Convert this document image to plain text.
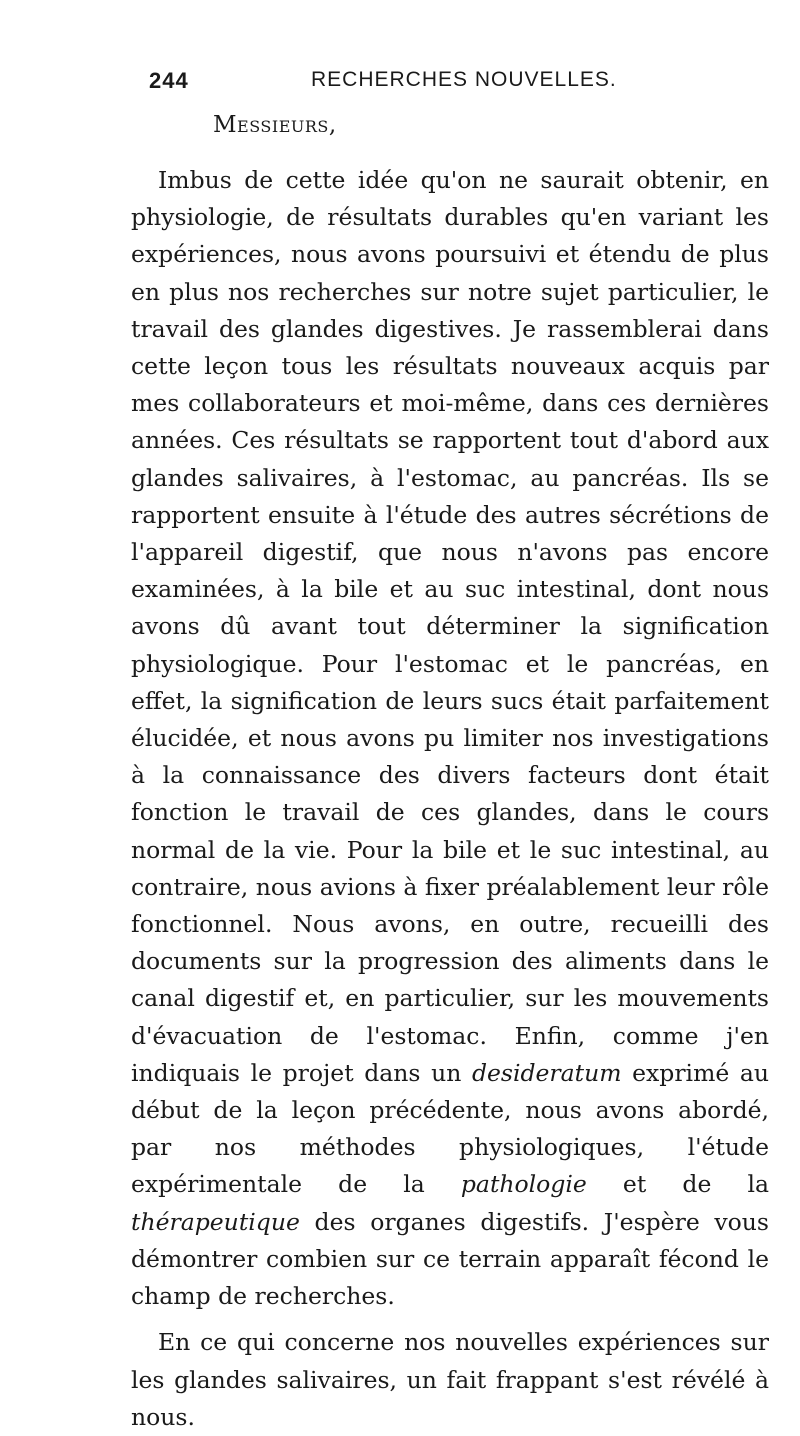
244	RECHERCHES NOUVELLES.
Messieurs,

Imbus de cette idée qu'on ne saurait obtenir, en physiologie, de résultats durables qu'en variant les expériences, nous avons poursuivi et étendu de plus en plus nos recherches sur notre sujet particulier, le travail des glandes digestives. Je rassemblerai dans cette leçon tous les résultats nouveaux acquis par mes collaborateurs et moi-même, dans ces dernières années. Ces résultats se rapportent tout d'abord aux glandes salivaires, à l'estomac, au pancréas. Ils se rapportent ensuite à l'étude des autres sécrétions de l'appareil digestif, que nous n'avons pas encore examinées, à la bile et au suc intestinal, dont nous avons dû avant tout déterminer la signification physiologique. Pour l'estomac et le pancréas, en effet, la signification de leurs sucs était parfaitement élucidée, et nous avons pu limiter nos investigations à la connaissance des divers facteurs dont était fonction le travail de ces glandes, dans le cours normal de la vie. Pour la bile et le suc intestinal, au contraire, nous avions à fixer préalablement leur rôle fonctionnel. Nous avons, en outre, recueilli des documents sur la progression des aliments dans le canal digestif et, en particulier, sur les mouvements d'évacuation de l'estomac. Enfin, comme j'en indiquais le projet dans un desideratum exprimé au début de la leçon précédente, nous avons abordé, par nos méthodes physiologiques, l'étude expérimentale de la pathologie et de la thérapeutique des organes digestifs. J'espère vous démontrer combien sur ce terrain apparaît fécond le champ de recherches.

En ce qui concerne nos nouvelles expériences sur les glandes salivaires, un fait frappant s'est révélé à nous.
